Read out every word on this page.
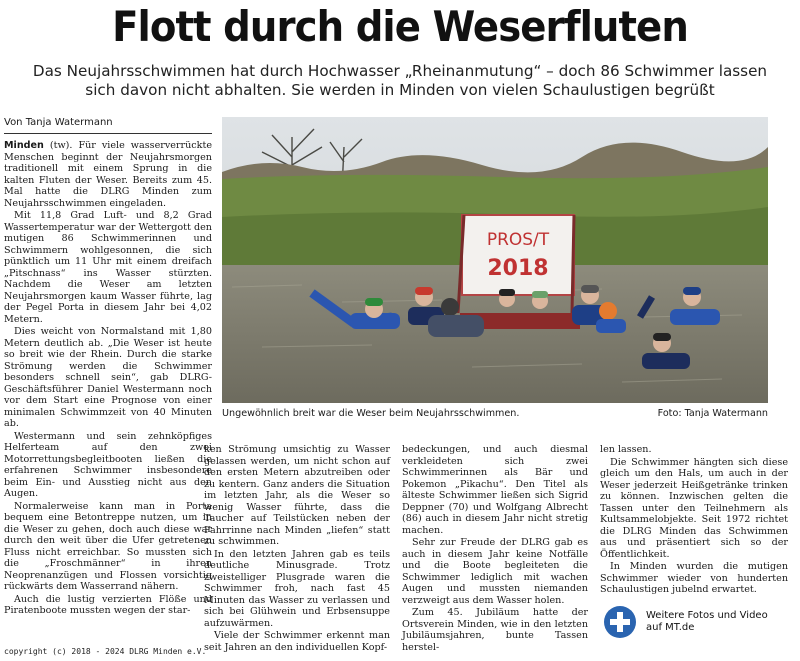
Flott durch die Weserfluten
Das Neujahrsschwimmen hat durch Hochwasser „Rheinanmutung“ – doch 86 Schwimmer lassen sich davon nicht abhalten. Sie werden in Minden von vielen Schaulustigen begrüßt
Von Tanja Watermann

Minden (tw). Für viele wasserverrückte Menschen beginnt der Neujahrsmorgen traditionell mit einem Sprung in die kalten Fluten der Weser. Bereits zum 45. Mal hatte die DLRG Minden zum Neujahrsschwimmen eingeladen.

Mit 11,8 Grad Luft- und 8,2 Grad Wassertemperatur war der Wettergott den mutigen 86 Schwimmerinnen und Schwimmern wohlgesonnen, die sich pünktlich um 11 Uhr mit einem dreifach „Pitschnass“ ins Wasser stürzten. Nachdem die Weser am letzten Neujahrsmorgen kaum Wasser führte, lag der Pegel Porta in diesem Jahr bei 4,02 Metern.

Dies weicht von Normalstand mit 1,80 Metern deutlich ab. „Die Weser ist heute so breit wie der Rhein. Durch die starke Strömung werden die Schwimmer besonders schnell sein“, gab DLRG-Geschäftsführer Daniel Westermann noch vor dem Start eine Prognose von einer minimalen Schwimmzeit von 40 Minuten ab.

Westermann und sein zehnköpfiges Helferteam auf den zwei Motorrettungsbegleitbooten ließen die erfahrenen Schwimmer insbesondere beim Ein- und Ausstieg nicht aus den Augen.

Normalerweise kann man in Porta bequem eine Betontreppe nutzen, um in die Weser zu gehen, doch auch diese war durch den weit über die Ufer getretenen Fluss nicht erreichbar. So mussten sich die „Froschmänner“ in ihren Neoprenanzügen und Flossen vorsichtig rückwärts dem Wasserrand nähern.

Auch die lustig verzierten Flöße und Piratenboote mussten wegen der star-

PROS/T
2018
Ungewöhnlich breit war die Weser beim Neujahrsschwimmen.	Foto: Tanja Watermann

ken Strömung umsichtig zu Wasser gelassen werden, um nicht schon auf den ersten Metern abzutreiben oder zu kentern. Ganz anders die Situation im letzten Jahr, als die Weser so wenig Wasser führte, dass die Taucher auf Teilstücken neben der Fahrrinne nach Minden „liefen“ statt zu schwimmen.

In den letzten Jahren gab es teils deutliche Minusgrade. Trotz zweistelliger Plusgrade waren die Schwimmer froh, nach fast 45 Minuten das Wasser zu verlassen und sich bei Glühwein und Erbsensuppe aufzuwärmen.

Viele der Schwimmer erkennt man seit Jahren an den individuellen Kopf-

bedeckungen, und auch diesmal verkleideten sich zwei Schwimmerinnen als Bär und Pokemon „Pikachu“. Den Titel als älteste Schwimmer ließen sich Sigrid Deppner (70) und Wolfgang Albrecht (86) auch in diesem Jahr nicht stretig machen.

Sehr zur Freude der DLRG gab es auch in diesem Jahr keine Notfälle und die Boote begleiteten die Schwimmer lediglich mit wachen Augen und mussten niemanden verzweigt aus dem Wasser holen.

Zum 45. Jubiläum hatte der Ortsverein Minden, wie in den letzten Jubiläumsjahren, bunte Tassen herstel-

len lassen.

Die Schwimmer hängten sich diese gleich um den Hals, um auch in der Weser jederzeit Heißgetränke trinken zu können. Inzwischen gelten die Tassen unter den Teilnehmern als Kultsammelobjekte. Seit 1972 richtet die DLRG Minden das Schwimmen aus und präsentiert sich so der Öffentlichkeit.

In Minden wurden die mutigen Schwimmer wieder von hunderten Schaulustigen jubelnd erwartet.

Weitere Fotos und Video
auf MT.de
copyright (c) 2018 - 2024 DLRG Minden e.V.
